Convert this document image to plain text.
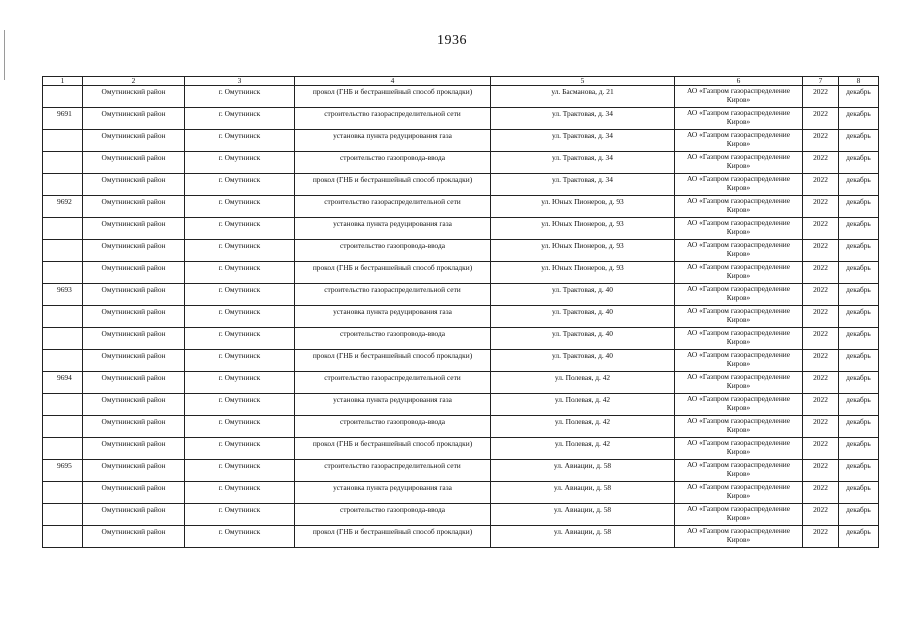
1936
1	2	3	4	5	6	7	8
	Омутнинский район	г. Омутнинск	прокол (ГНБ и бестраншейный способ прокладки)	ул. Басманова, д. 21	АО «Газпром газораспределение Киров»	2022	декабрь
9691	Омутнинский район	г. Омутнинск	строительство газораспределительной сети	ул. Трактовая, д. 34	АО «Газпром газораспределение Киров»	2022	декабрь
	Омутнинский район	г. Омутнинск	установка пункта редуцирования газа	ул. Трактовая, д. 34	АО «Газпром газораспределение Киров»	2022	декабрь
	Омутнинский район	г. Омутнинск	строительство газопровода-ввода	ул. Трактовая, д. 34	АО «Газпром газораспределение Киров»	2022	декабрь
	Омутнинский район	г. Омутнинск	прокол (ГНБ и бестраншейный способ прокладки)	ул. Трактовая, д. 34	АО «Газпром газораспределение Киров»	2022	декабрь
9692	Омутнинский район	г. Омутнинск	строительство газораспределительной сети	ул. Юных Пионеров, д. 93	АО «Газпром газораспределение Киров»	2022	декабрь
	Омутнинский район	г. Омутнинск	установка пункта редуцирования газа	ул. Юных Пионеров, д. 93	АО «Газпром газораспределение Киров»	2022	декабрь
	Омутнинский район	г. Омутнинск	строительство газопровода-ввода	ул. Юных Пионеров, д. 93	АО «Газпром газораспределение Киров»	2022	декабрь
	Омутнинский район	г. Омутнинск	прокол (ГНБ и бестраншейный способ прокладки)	ул. Юных Пионеров, д. 93	АО «Газпром газораспределение Киров»	2022	декабрь
9693	Омутнинский район	г. Омутнинск	строительство газораспределительной сети	ул. Трактовая, д. 40	АО «Газпром газораспределение Киров»	2022	декабрь
	Омутнинский район	г. Омутнинск	установка пункта редуцирования газа	ул. Трактовая, д. 40	АО «Газпром газораспределение Киров»	2022	декабрь
	Омутнинский район	г. Омутнинск	строительство газопровода-ввода	ул. Трактовая, д. 40	АО «Газпром газораспределение Киров»	2022	декабрь
	Омутнинский район	г. Омутнинск	прокол (ГНБ и бестраншейный способ прокладки)	ул. Трактовая, д. 40	АО «Газпром газораспределение Киров»	2022	декабрь
9694	Омутнинский район	г. Омутнинск	строительство газораспределительной сети	ул. Полевая, д. 42	АО «Газпром газораспределение Киров»	2022	декабрь
	Омутнинский район	г. Омутнинск	установка пункта редуцирования газа	ул. Полевая, д. 42	АО «Газпром газораспределение Киров»	2022	декабрь
	Омутнинский район	г. Омутнинск	строительство газопровода-ввода	ул. Полевая, д. 42	АО «Газпром газораспределение Киров»	2022	декабрь
	Омутнинский район	г. Омутнинск	прокол (ГНБ и бестраншейный способ прокладки)	ул. Полевая, д. 42	АО «Газпром газораспределение Киров»	2022	декабрь
9695	Омутнинский район	г. Омутнинск	строительство газораспределительной сети	ул. Авиации, д. 58	АО «Газпром газораспределение Киров»	2022	декабрь
	Омутнинский район	г. Омутнинск	установка пункта редуцирования газа	ул. Авиации, д. 58	АО «Газпром газораспределение Киров»	2022	декабрь
	Омутнинский район	г. Омутнинск	строительство газопровода-ввода	ул. Авиации, д. 58	АО «Газпром газораспределение Киров»	2022	декабрь
	Омутнинский район	г. Омутнинск	прокол (ГНБ и бестраншейный способ прокладки)	ул. Авиации, д. 58	АО «Газпром газораспределение Киров»	2022	декабрь
